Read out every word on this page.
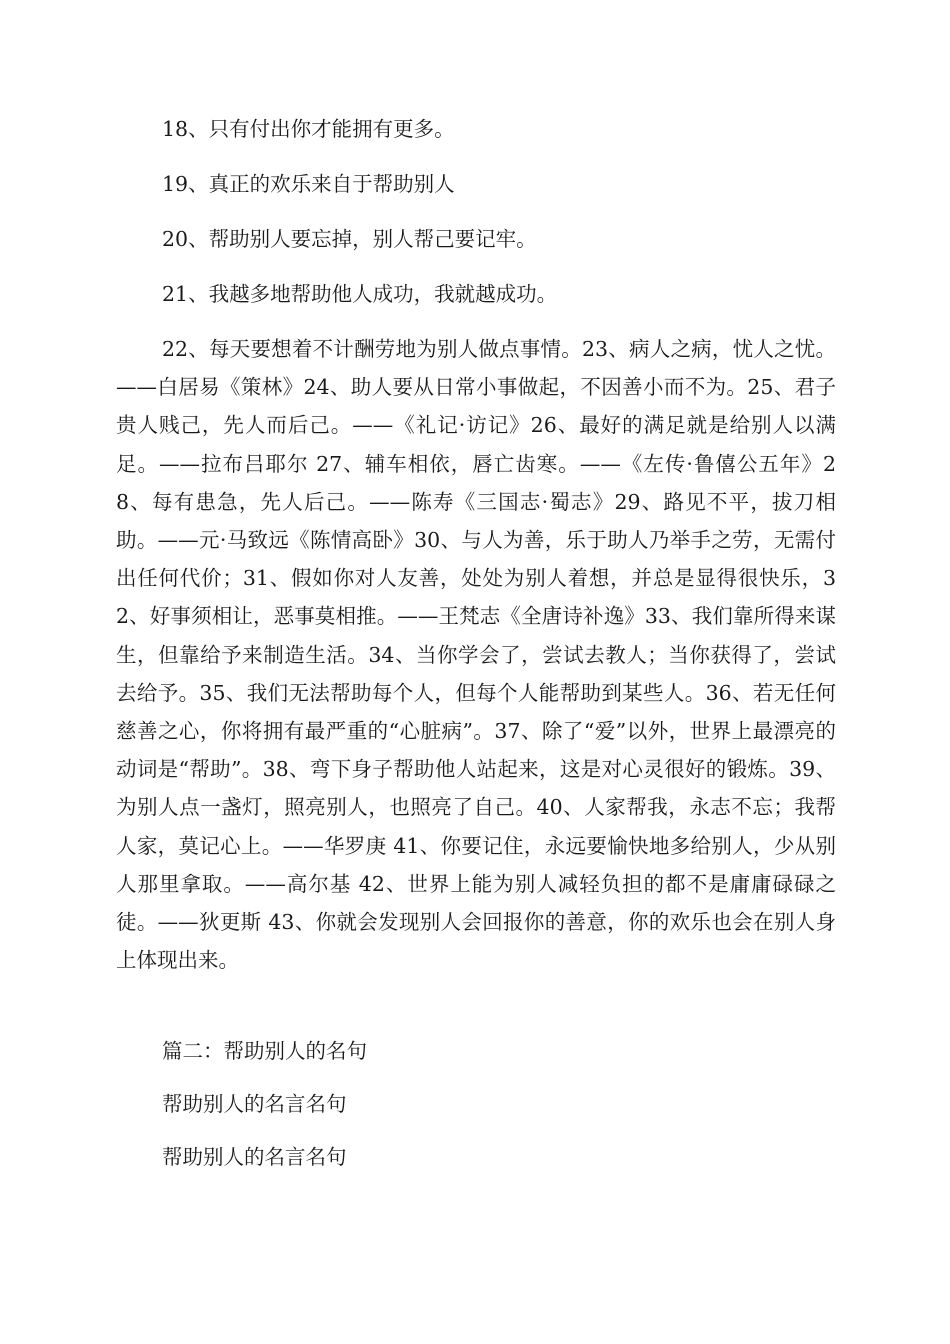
18、只有付出你才能拥有更多。

19、真正的欢乐来自于帮助别人

20、帮助别人要忘掉，别人帮己要记牢。

21、我越多地帮助他人成功，我就越成功。

22、每天要想着不计酬劳地为别人做点事情。23、病人之病，忧人之忧。——白居易《策林》24、助人要从日常小事做起，不因善小而不为。25、君子贵人贱己，先人而后己。——《礼记·访记》26、最好的满足就是给别人以满足。——拉布吕耶尔 27、辅车相依，唇亡齿寒。——《左传·鲁僖公五年》28、每有患急，先人后己。——陈寿《三国志·蜀志》29、路见不平，拔刀相助。——元·马致远《陈情高卧》30、与人为善，乐于助人乃举手之劳，无需付出任何代价；31、假如你对人友善，处处为别人着想，并总是显得很快乐，32、好事须相让，恶事莫相推。——王梵志《全唐诗补逸》33、我们靠所得来谋生，但靠给予来制造生活。34、当你学会了，尝试去教人；当你获得了，尝试去给予。35、我们无法帮助每个人，但每个人能帮助到某些人。36、若无任何慈善之心，你将拥有最严重的“心脏病”。37、除了“爱”以外，世界上最漂亮的动词是“帮助”。38、弯下身子帮助他人站起来，这是对心灵很好的锻炼。39、为别人点一盏灯，照亮别人，也照亮了自己。40、人家帮我，永志不忘；我帮人家，莫记心上。——华罗庚 41、你要记住，永远要愉快地多给别人，少从别人那里拿取。——高尔基 42、世界上能为别人减轻负担的都不是庸庸碌碌之徒。——狄更斯 43、你就会发现别人会回报你的善意，你的欢乐也会在别人身上体现出来。

篇二：帮助别人的名句

帮助别人的名言名句

帮助别人的名言名句
